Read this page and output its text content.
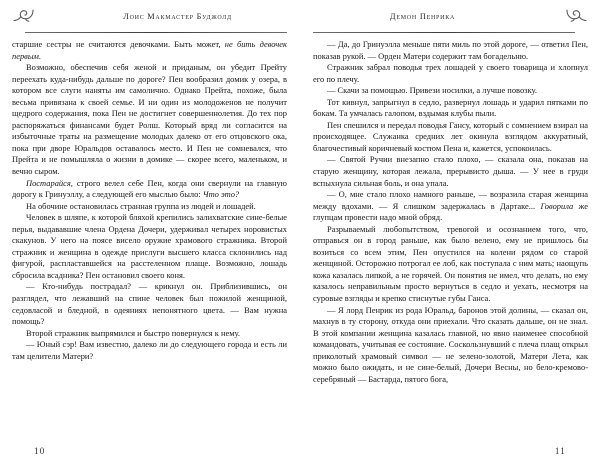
Лоис Макмастер Буджолд

старшие сестры не считаются девочками. Быть может, не бить девочек первым.

Возможно, обеспечив себя женой и приданым, он убедит Прейту переехать куда-нибудь дальше по дороге? Пен вообразил домик у озера, в котором все слуги наняты им самолично. Однако Прейта, похоже, была весьма привязана к своей семье. И ни один из молодоженов не получит щедрого содержания, пока Пен не достигнет совершеннолетия. До тех пор распоряжаться финансами будет Ролш. Который вряд ли согласится на избыточные траты на размещение молодых далеко от его отцовского ока, пока при дворе Юральдов оставалось место. И Пен не сомневался, что Прейта и не помышляла о жизни в домике — скорее всего, маленьком, и вечно сыром.

Постарайся, строго велел себе Пен, когда они свернули на главную дорогу к Гринуэллу, а следующей его мыслью было: Что это?

На обочине остановилась странная группа из людей и лошадей.

Человек в шляпе, к которой бляхой крепились залихватские сине-белые перья, выдававшие члена Ордена Дочери, удерживал четырех норовистых скакунов. У него на поясе висело оружие храмового стражника. Второй стражник и женщина в одежде прислуги высшего класса склонились над фигурой, распластавшейся на расстеленном плаще. Возможно, лошадь сбросила всадника? Пен остановил своего коня.

— Кто-нибудь пострадал? — крикнул он. Приблизившись, он разглядел, что лежавший на спине человек был пожилой женщиной, седовласой и бледной, в одеяниях непонятного цвета. — Вам нужна помощь?

Второй стражник выпрямился и быстро повернулся к нему.

— Юный сэр! Вам известно, далеко ли до следующего города и есть ли там целители Матери?

10
Демон Пенрика

— Да, до Гринуэлла меньше пяти миль по этой дороге, — ответил Пен, показав рукой. — Орден Матери содержит там богадельню.

Стражник забрал поводья трех лошадей у своего товарища и хлопнул его по плечу.

— Скачи за помощью. Привези носилки, а лучше повозку.

Тот кивнул, запрыгнул в седло, развернул лошадь и ударил пятками по бокам. Та умчалась галопом, вздымая клубы пыли.

Пен спешился и передал поводья Гансу, который с сомнением взирал на происходящее. Служанка средних лет окинула взглядом аккуратный, благочестивый коричневый костюм Пена и, кажется, успокоилась.

— Святой Ручии внезапно стало плохо, — сказала она, показав на старую женщину, которая лежала, прерывисто дыша. — У нее в груди вспыхнула сильная боль, и она упала.

— О, мне стало плохо намного раньше, — возразила старая женщина между вдохами. — Я слишком задержалась в Дартаке... Говорила же глупцам провести надо мной обряд.

Разрываемый любопытством, тревогой и осознанием того, что, отправься он в город раньше, как было велено, ему не пришлось бы возиться со всем этим, Пен опустился на колени рядом со старой женщиной. Осторожно потрогал ее лоб, как поступала с ним мать; наощупь кожа казалась липкой, а не горячей. Он понятия не имел, что делать, но ему казалось неправильным просто вернуться в седло и уехать, несмотря на суровые взгляды и крепко стиснутые губы Ганса.

— Я лорд Пенрик из рода Юральд, баронов этой долины, — сказал он, махнув в ту сторону, откуда они приехали. Что сказать дальше, он не знал. В этой компании женщина казалась главной, но явно наименее способной командовать, учитывая ее состояние. Соскользнувший с плеча плащ открыл приколотый храмовый символ — не зелено-золотой, Матери Лета, как можно было ожидать, и не сине-белый, Дочери Весны, но бело-кремово-серебряный — Бастарда, пятого бога,

11
